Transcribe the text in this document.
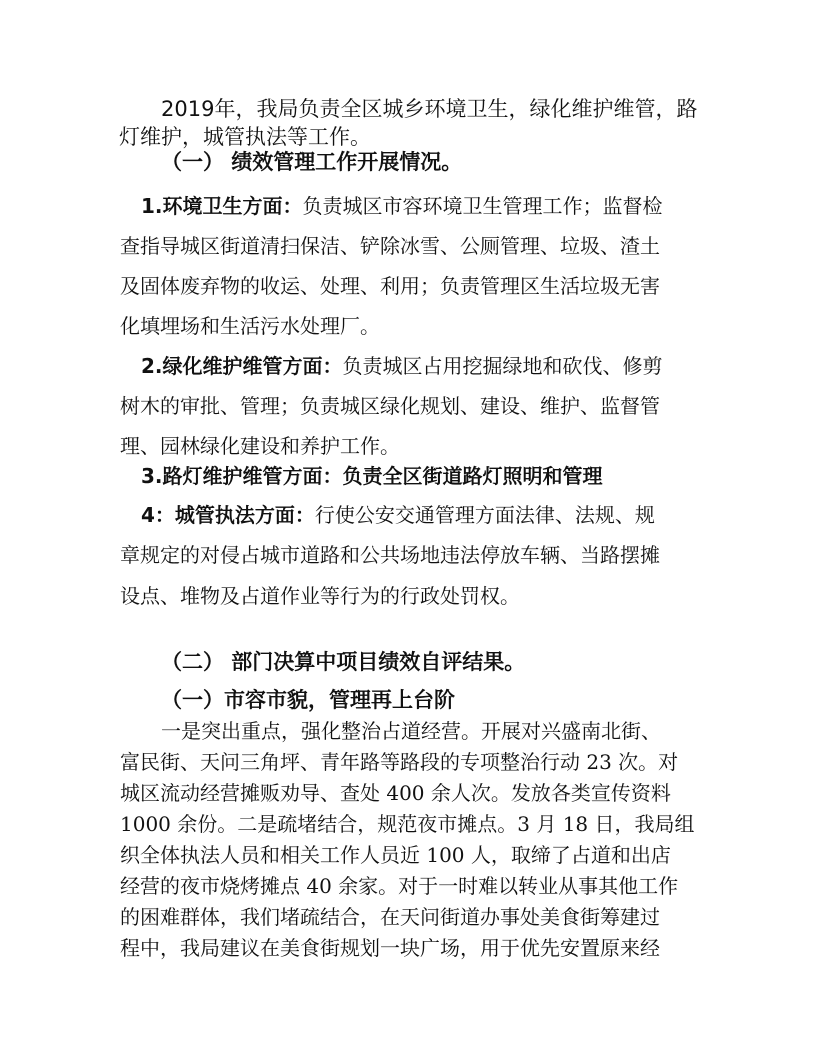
2019年，我局负责全区城乡环境卫生，绿化维护维管，路
灯维护，城管执法等工作。
（一） 绩效管理工作开展情况。
1.环境卫生方面：负责城区市容环境卫生管理工作；监督检
查指导城区街道清扫保洁、铲除冰雪、公厕管理、垃圾、渣土
及固体废弃物的收运、处理、利用；负责管理区生活垃圾无害
化填埋场和生活污水处理厂。
2.绿化维护维管方面：负责城区占用挖掘绿地和砍伐、修剪
树木的审批、管理；负责城区绿化规划、建设、维护、监督管
理、园林绿化建设和养护工作。
3.路灯维护维管方面：负责全区街道路灯照明和管理
4：城管执法方面：行使公安交通管理方面法律、法规、规
章规定的对侵占城市道路和公共场地违法停放车辆、当路摆摊
设点、堆物及占道作业等行为的行政处罚权。
（二） 部门决算中项目绩效自评结果。
（一）市容市貌，管理再上台阶
一是突出重点，强化整治占道经营。开展对兴盛南北街、
富民街、天问三角坪、青年路等路段的专项整治行动 23 次。对
城区流动经营摊贩劝导、查处 400 余人次。发放各类宣传资料
1000 余份。二是疏堵结合，规范夜市摊点。3 月 18 日，我局组
织全体执法人员和相关工作人员近 100 人，取缔了占道和出店
经营的夜市烧烤摊点 40 余家。对于一时难以转业从事其他工作
的困难群体，我们堵疏结合，在天问街道办事处美食街筹建过
程中，我局建议在美食街规划一块广场，用于优先安置原来经
